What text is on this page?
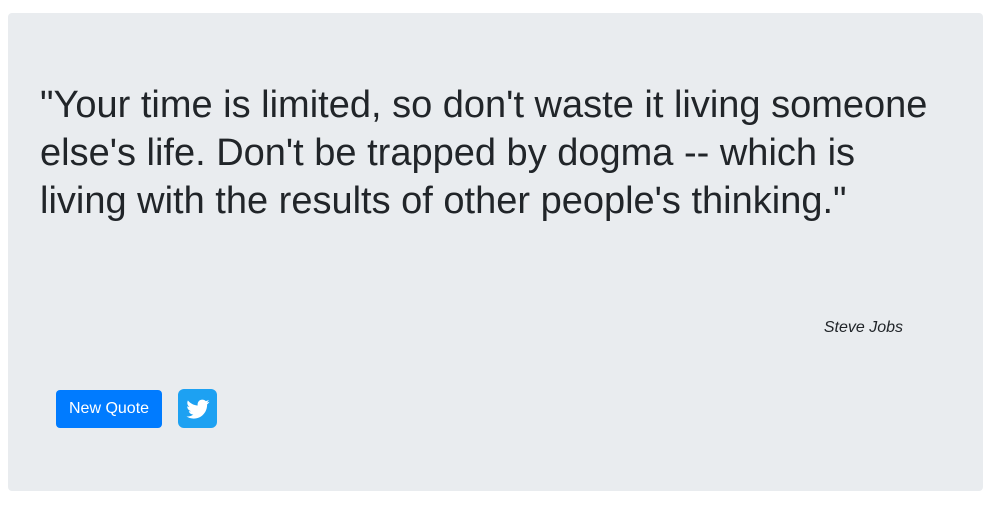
"Your time is limited, so don't waste it living someone else's life. Don't be trapped by dogma -- which is living with the results of other people's thinking."

Steve Jobs

New Quote
